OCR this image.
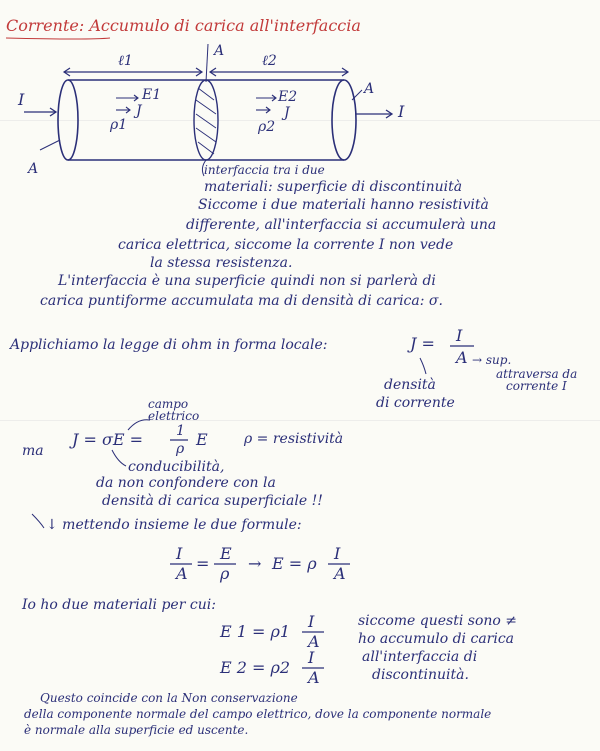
Corrente: Accumulo di carica all'interfaccia
I
ℓ1	ℓ2
A
A
A
I
E1
J
ρ1
E2
J
ρ2
interfaccia tra i due
materiali: superficie di discontinuità
Siccome i due materiali hanno resistività
differente, all'interfaccia si accumulerà una
carica elettrica, siccome la corrente I non vede
la stessa resistenza.
L'interfaccia è una superficie quindi non si parlerà di
carica puntiforme accumulata ma di densità di carica: σ.
Applichiamo la legge di ohm in forma locale:	J = I
A → sup.
attraversa da
corrente I
densità
di corrente
campo
elettrico
ma
J = σE = 1
ρ E	ρ = resistività
conducibilità,
da non confondere con la
densità di carica superficiale !!
↓ mettendo insieme le due formule:
I
A
=
E
ρ
→ E = ρ
I
A
Io ho due materiali per cui:
E 1 = ρ1
I
A
E 2 = ρ2
I
A
siccome questi sono ≠
ho accumulo di carica
all'interfaccia di
discontinuità.
Questo coincide con la Non conservazione
della componente normale del campo elettrico, dove la componente normale
è normale alla superficie ed uscente.
